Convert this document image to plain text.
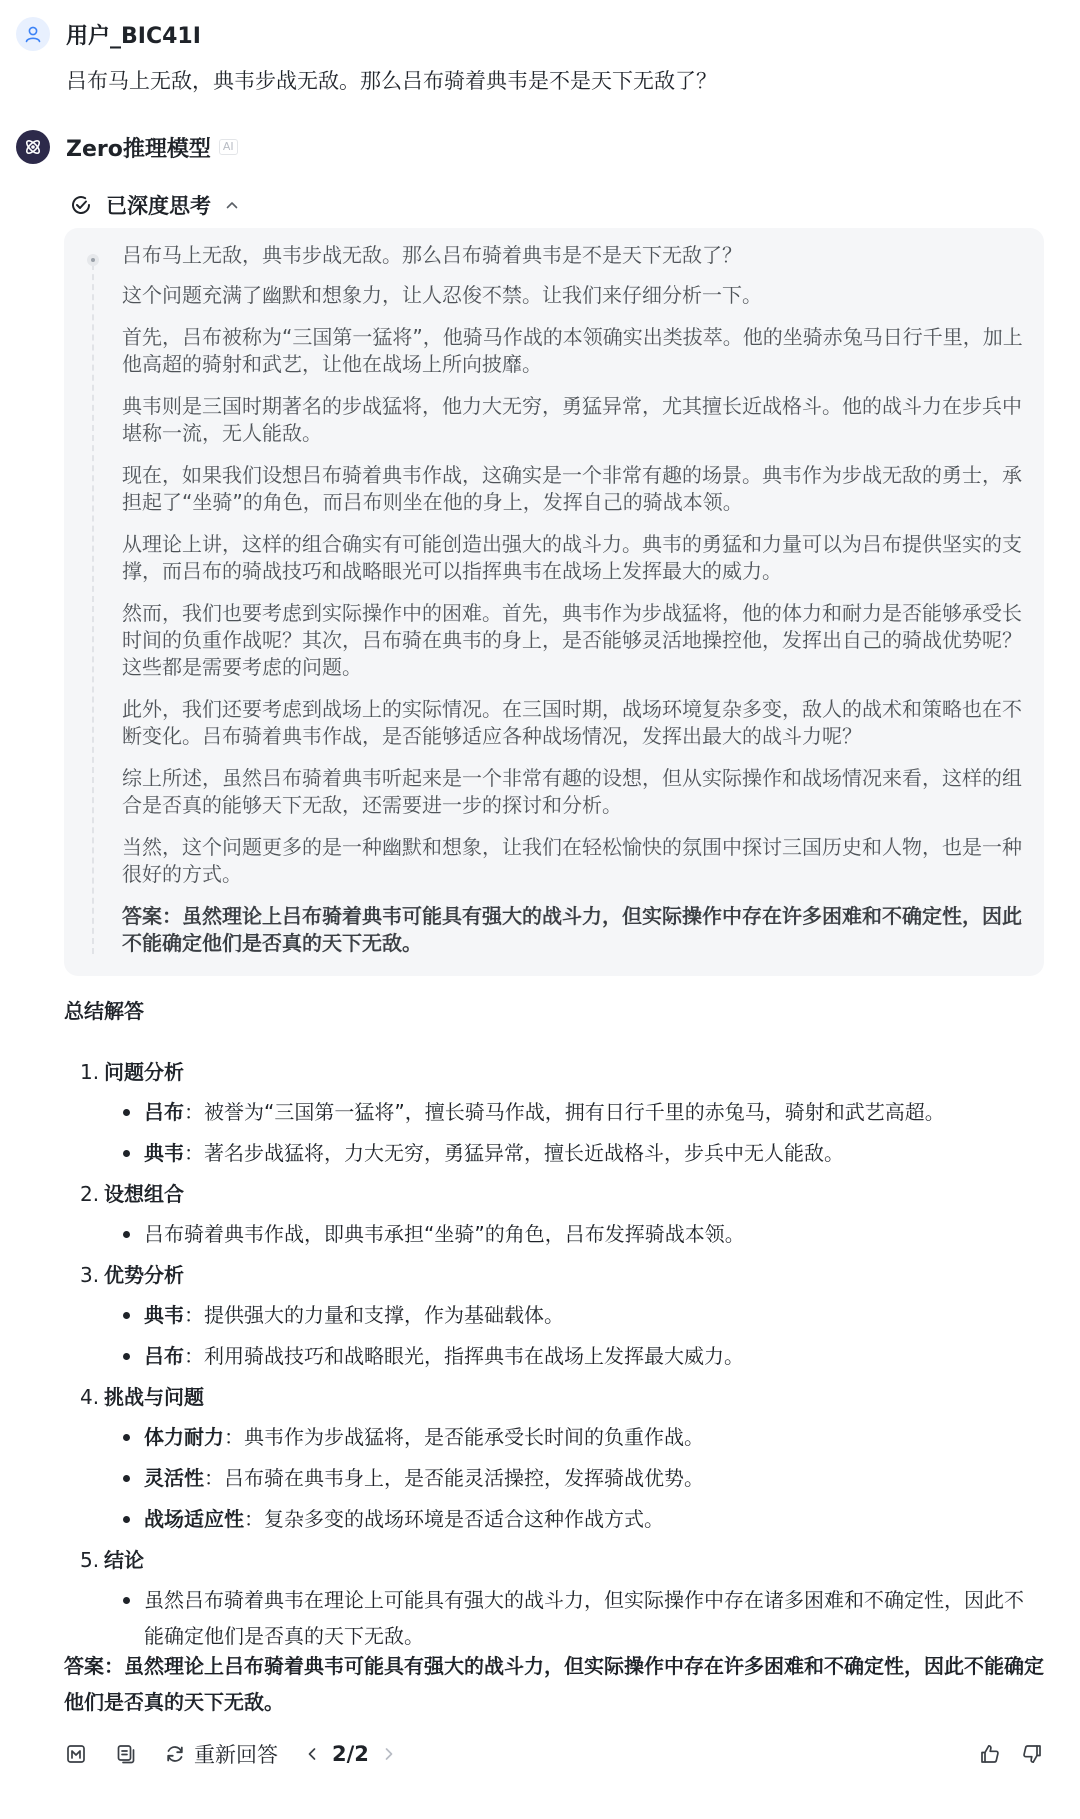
用户_BIC41I
吕布马上无敌，典韦步战无敌。那么吕布骑着典韦是不是天下无敌了？
Zero推理模型	AI
已深度思考

吕布马上无敌，典韦步战无敌。那么吕布骑着典韦是不是天下无敌了？

这个问题充满了幽默和想象力，让人忍俊不禁。让我们来仔细分析一下。

首先，吕布被称为“三国第一猛将”，他骑马作战的本领确实出类拔萃。他的坐骑赤兔马日行千里，加上他高超的骑射和武艺，让他在战场上所向披靡。

典韦则是三国时期著名的步战猛将，他力大无穷，勇猛异常，尤其擅长近战格斗。他的战斗力在步兵中堪称一流，无人能敌。

现在，如果我们设想吕布骑着典韦作战，这确实是一个非常有趣的场景。典韦作为步战无敌的勇士，承担起了“坐骑”的角色，而吕布则坐在他的身上，发挥自己的骑战本领。

从理论上讲，这样的组合确实有可能创造出强大的战斗力。典韦的勇猛和力量可以为吕布提供坚实的支撑，而吕布的骑战技巧和战略眼光可以指挥典韦在战场上发挥最大的威力。

然而，我们也要考虑到实际操作中的困难。首先，典韦作为步战猛将，他的体力和耐力是否能够承受长时间的负重作战呢？其次，吕布骑在典韦的身上，是否能够灵活地操控他，发挥出自己的骑战优势呢？这些都是需要考虑的问题。

此外，我们还要考虑到战场上的实际情况。在三国时期，战场环境复杂多变，敌人的战术和策略也在不断变化。吕布骑着典韦作战，是否能够适应各种战场情况，发挥出最大的战斗力呢？

综上所述，虽然吕布骑着典韦听起来是一个非常有趣的设想，但从实际操作和战场情况来看，这样的组合是否真的能够天下无敌，还需要进一步的探讨和分析。

当然，这个问题更多的是一种幽默和想象，让我们在轻松愉快的氛围中探讨三国历史和人物，也是一种很好的方式。

答案：虽然理论上吕布骑着典韦可能具有强大的战斗力，但实际操作中存在许多困难和不确定性，因此不能确定他们是否真的天下无敌。

总结解答
1. 问题分析
吕布：被誉为“三国第一猛将”，擅长骑马作战，拥有日行千里的赤兔马，骑射和武艺高超。
典韦：著名步战猛将，力大无穷，勇猛异常，擅长近战格斗，步兵中无人能敌。
2. 设想组合
吕布骑着典韦作战，即典韦承担“坐骑”的角色，吕布发挥骑战本领。
3. 优势分析
典韦：提供强大的力量和支撑，作为基础载体。
吕布：利用骑战技巧和战略眼光，指挥典韦在战场上发挥最大威力。
4. 挑战与问题
体力耐力：典韦作为步战猛将，是否能承受长时间的负重作战。
灵活性：吕布骑在典韦身上，是否能灵活操控，发挥骑战优势。
战场适应性：复杂多变的战场环境是否适合这种作战方式。
5. 结论
虽然吕布骑着典韦在理论上可能具有强大的战斗力，但实际操作中存在诸多困难和不确定性，因此不能确定他们是否真的天下无敌。
答案：虽然理论上吕布骑着典韦可能具有强大的战斗力，但实际操作中存在许多困难和不确定性，因此不能确定他们是否真的天下无敌。
重新回答	2/2
